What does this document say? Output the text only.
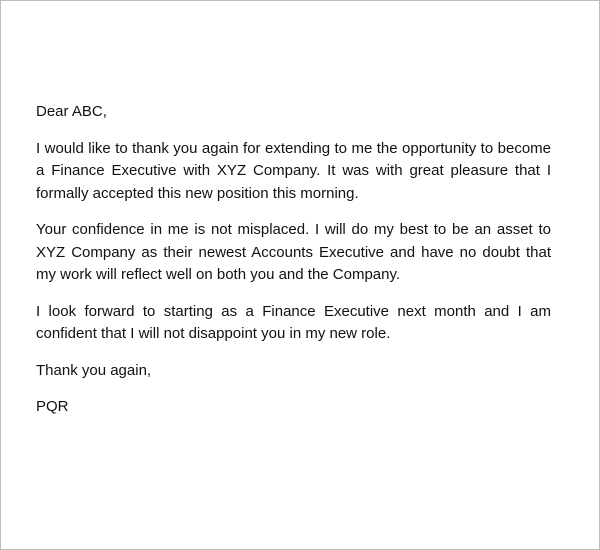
Dear ABC,

I would like to thank you again for extending to me the opportunity to become a Finance Executive with XYZ Company. It was with great pleasure that I formally accepted this new position this morning.

Your confidence in me is not misplaced. I will do my best to be an asset to XYZ Company as their newest Accounts Executive and have no doubt that my work will reflect well on both you and the Company.

I look forward to starting as a Finance Executive next month and I am confident that I will not disappoint you in my new role.

Thank you again,

PQR
